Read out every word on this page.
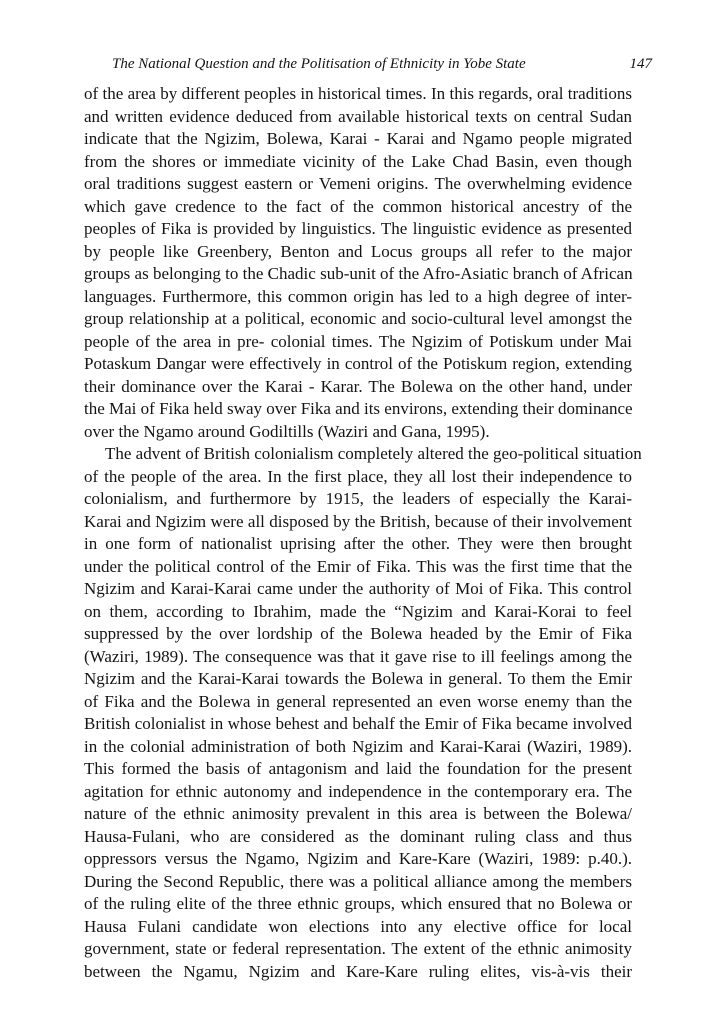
The National Question and the Politisation of Ethnicity in Yobe State	147
of the area by different peoples in historical times. In this regards, oral traditions
and written evidence deduced from available historical texts on central Sudan
indicate that the Ngizim, Bolewa, Karai - Karai and Ngamo people migrated
from the shores or immediate vicinity of the Lake Chad Basin, even though
oral traditions suggest eastern or Vemeni origins. The overwhelming evidence
which gave credence to the fact of the common historical ancestry of the
peoples of Fika is provided by linguistics. The linguistic evidence as presented
by people like Greenbery, Benton and Locus groups all refer to the major
groups as belonging to the Chadic sub-unit of the Afro-Asiatic branch of African
languages. Furthermore, this common origin has led to a high degree of inter-
group relationship at a political, economic and socio-cultural level amongst the
people of the area in pre- colonial times. The Ngizim of Potiskum under Mai
Potaskum Dangar were effectively in control of the Potiskum region, extending
their dominance over the Karai - Karar. The Bolewa on the other hand, under
the Mai of Fika held sway over Fika and its environs, extending their dominance
over the Ngamo around Godiltills (Waziri and Gana, 1995).
The advent of British colonialism completely altered the geo-political situation
of the people of the area. In the first place, they all lost their independence to
colonialism, and furthermore by 1915, the leaders of especially the Karai-
Karai and Ngizim were all disposed by the British, because of their involvement
in one form of nationalist uprising after the other. They were then brought
under the political control of the Emir of Fika. This was the first time that the
Ngizim and Karai-Karai came under the authority of Moi of Fika. This control
on them, according to Ibrahim, made the “Ngizim and Karai-Korai to feel
suppressed by the over lordship of the Bolewa headed by the Emir of Fika
(Waziri, 1989). The consequence was that it gave rise to ill feelings among the
Ngizim and the Karai-Karai towards the Bolewa in general. To them the Emir
of Fika and the Bolewa in general represented an even worse enemy than the
British colonialist in whose behest and behalf the Emir of Fika became involved
in the colonial administration of both Ngizim and Karai-Karai (Waziri, 1989).
This formed the basis of antagonism and laid the foundation for the present
agitation for ethnic autonomy and independence in the contemporary era. The
nature of the ethnic animosity prevalent in this area is between the Bolewa/
Hausa-Fulani, who are considered as the dominant ruling class and thus
oppressors versus the Ngamo, Ngizim and Kare-Kare (Waziri, 1989: p.40.).
During the Second Republic, there was a political alliance among the members
of the ruling elite of the three ethnic groups, which ensured that no Bolewa or
Hausa Fulani candidate won elections into any elective office for local
government, state or federal representation. The extent of the ethnic animosity
between the Ngamu, Ngizim and Kare-Kare ruling elites, vis-à-vis their
